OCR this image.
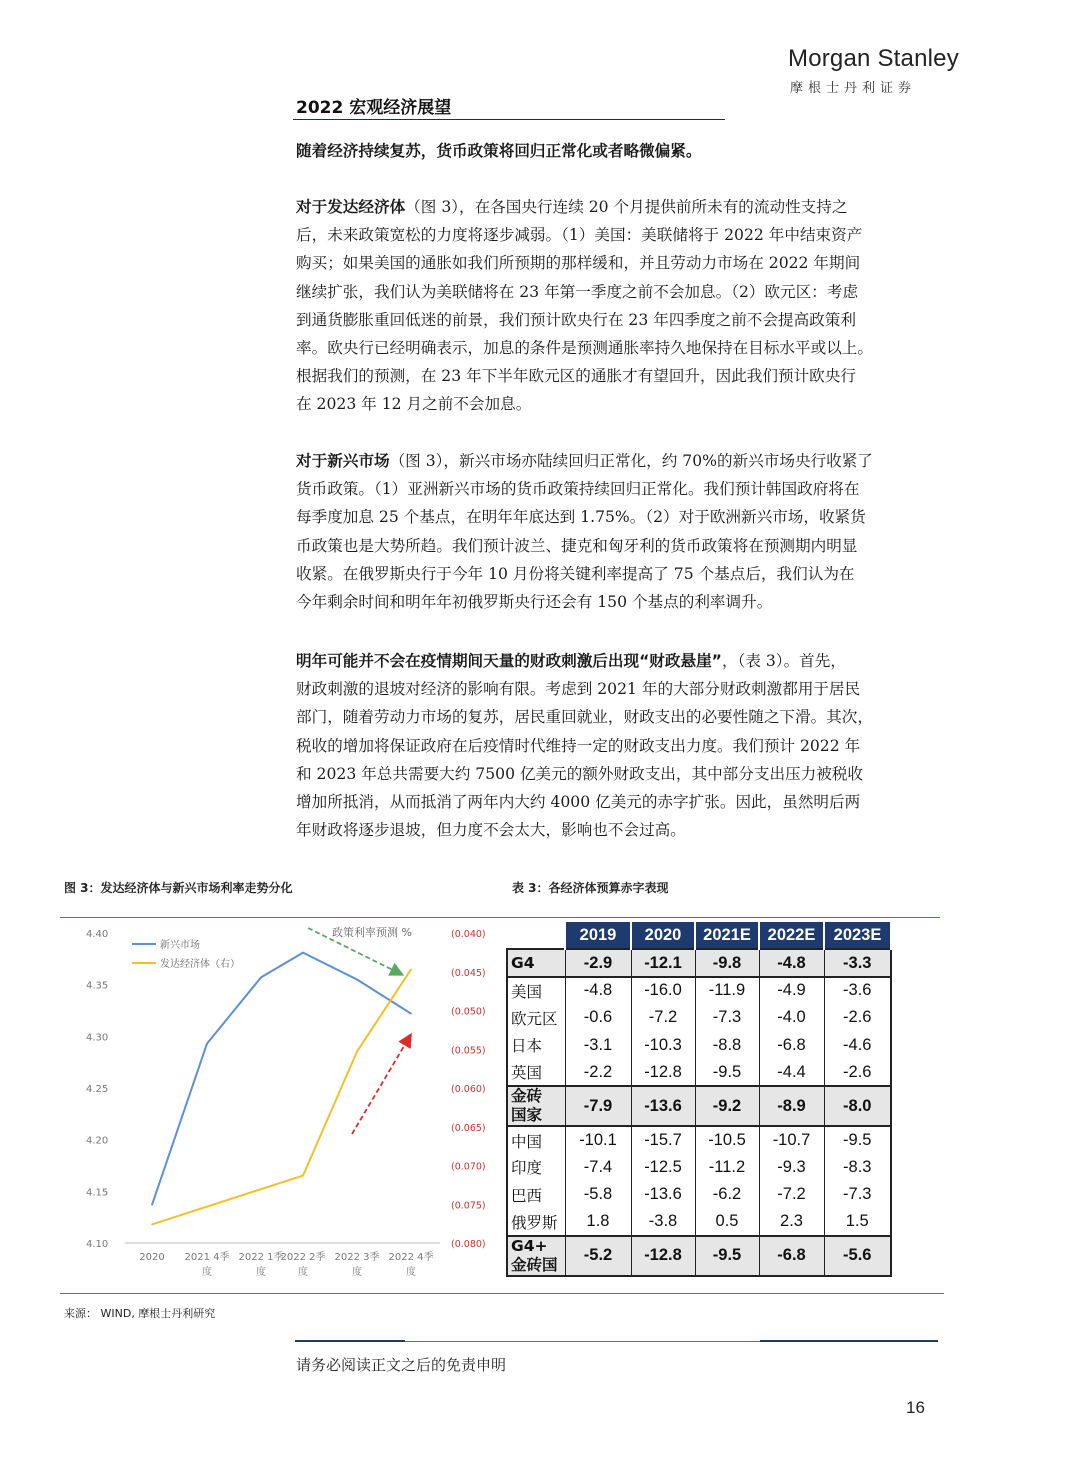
Morgan Stanley
摩根士丹利证券
2022 宏观经济展望
随着经济持续复苏，货币政策将回归正常化或者略微偏紧。
对于发达经济体（图 3），在各国央行连续 20 个月提供前所未有的流动性支持之
后，未来政策宽松的力度将逐步减弱。（1）美国：美联储将于 2022 年中结束资产
购买；如果美国的通胀如我们所预期的那样缓和，并且劳动力市场在 2022 年期间
继续扩张，我们认为美联储将在 23 年第一季度之前不会加息。（2）欧元区：考虑
到通货膨胀重回低迷的前景，我们预计欧央行在 23 年四季度之前不会提高政策利
率。欧央行已经明确表示，加息的条件是预测通胀率持久地保持在目标水平或以上。
根据我们的预测，在 23 年下半年欧元区的通胀才有望回升，因此我们预计欧央行
在 2023 年 12 月之前不会加息。
对于新兴市场（图 3），新兴市场亦陆续回归正常化，约 70%的新兴市场央行收紧了
货币政策。（1）亚洲新兴市场的货币政策持续回归正常化。我们预计韩国政府将在
每季度加息 25 个基点，在明年年底达到 1.75%。（2）对于欧洲新兴市场，收紧货
币政策也是大势所趋。我们预计波兰、捷克和匈牙利的货币政策将在预测期内明显
收紧。在俄罗斯央行于今年 10 月份将关键利率提高了 75 个基点后，我们认为在
今年剩余时间和明年年初俄罗斯央行还会有 150 个基点的利率调升。
明年可能并不会在疫情期间天量的财政刺激后出现“财政悬崖”，（表 3）。首先，
财政刺激的退坡对经济的影响有限。考虑到 2021 年的大部分财政刺激都用于居民
部门，随着劳动力市场的复苏，居民重回就业，财政支出的必要性随之下滑。其次，
税收的增加将保证政府在后疫情时代维持一定的财政支出力度。我们预计 2022 年
和 2023 年总共需要大约 7500 亿美元的额外财政支出，其中部分支出压力被税收
增加所抵消，从而抵消了两年内大约 4000 亿美元的赤字扩张。因此，虽然明后两
年财政将逐步退坡，但力度不会太大，影响也不会过高。
图 3：发达经济体与新兴市场利率走势分化	表 3：各经济体预算赤字表现
4.10
4.15
4.20
4.25
4.30
4.35
4.40
(0.080)
(0.075)
(0.070)
(0.065)
(0.060)
(0.055)
(0.050)
(0.045)
(0.040)
2020 2021 4季
度
2022 1季
度
2022 2季
度
2022 3季
度
2022 4季
度
新兴市场
发达经济体（右）
政策利率预测 %
		2019	2020	2021E	2022E	2023E
G4	-2.9	-12.1	-9.8	-4.8	-3.3
美国	-4.8	-16.0	-11.9	-4.9	-3.6
欧元区	-0.6	-7.2	-7.3	-4.0	-2.6
日本	-3.1	-10.3	-8.8	-6.8	-4.6
英国	-2.2	-12.8	-9.5	-4.4	-2.6
金砖
国家	-7.9	-13.6	-9.2	-8.9	-8.0
中国	-10.1	-15.7	-10.5	-10.7	-9.5
印度	-7.4	-12.5	-11.2	-9.3	-8.3
巴西	-5.8	-13.6	-6.2	-7.2	-7.3
俄罗斯	1.8	-3.8	0.5	2.3	1.5
G4+
金砖国	-5.2	-12.8	-9.5	-6.8	-5.6
来源： WIND, 摩根士丹利研究
请务必阅读正文之后的免责申明
16
